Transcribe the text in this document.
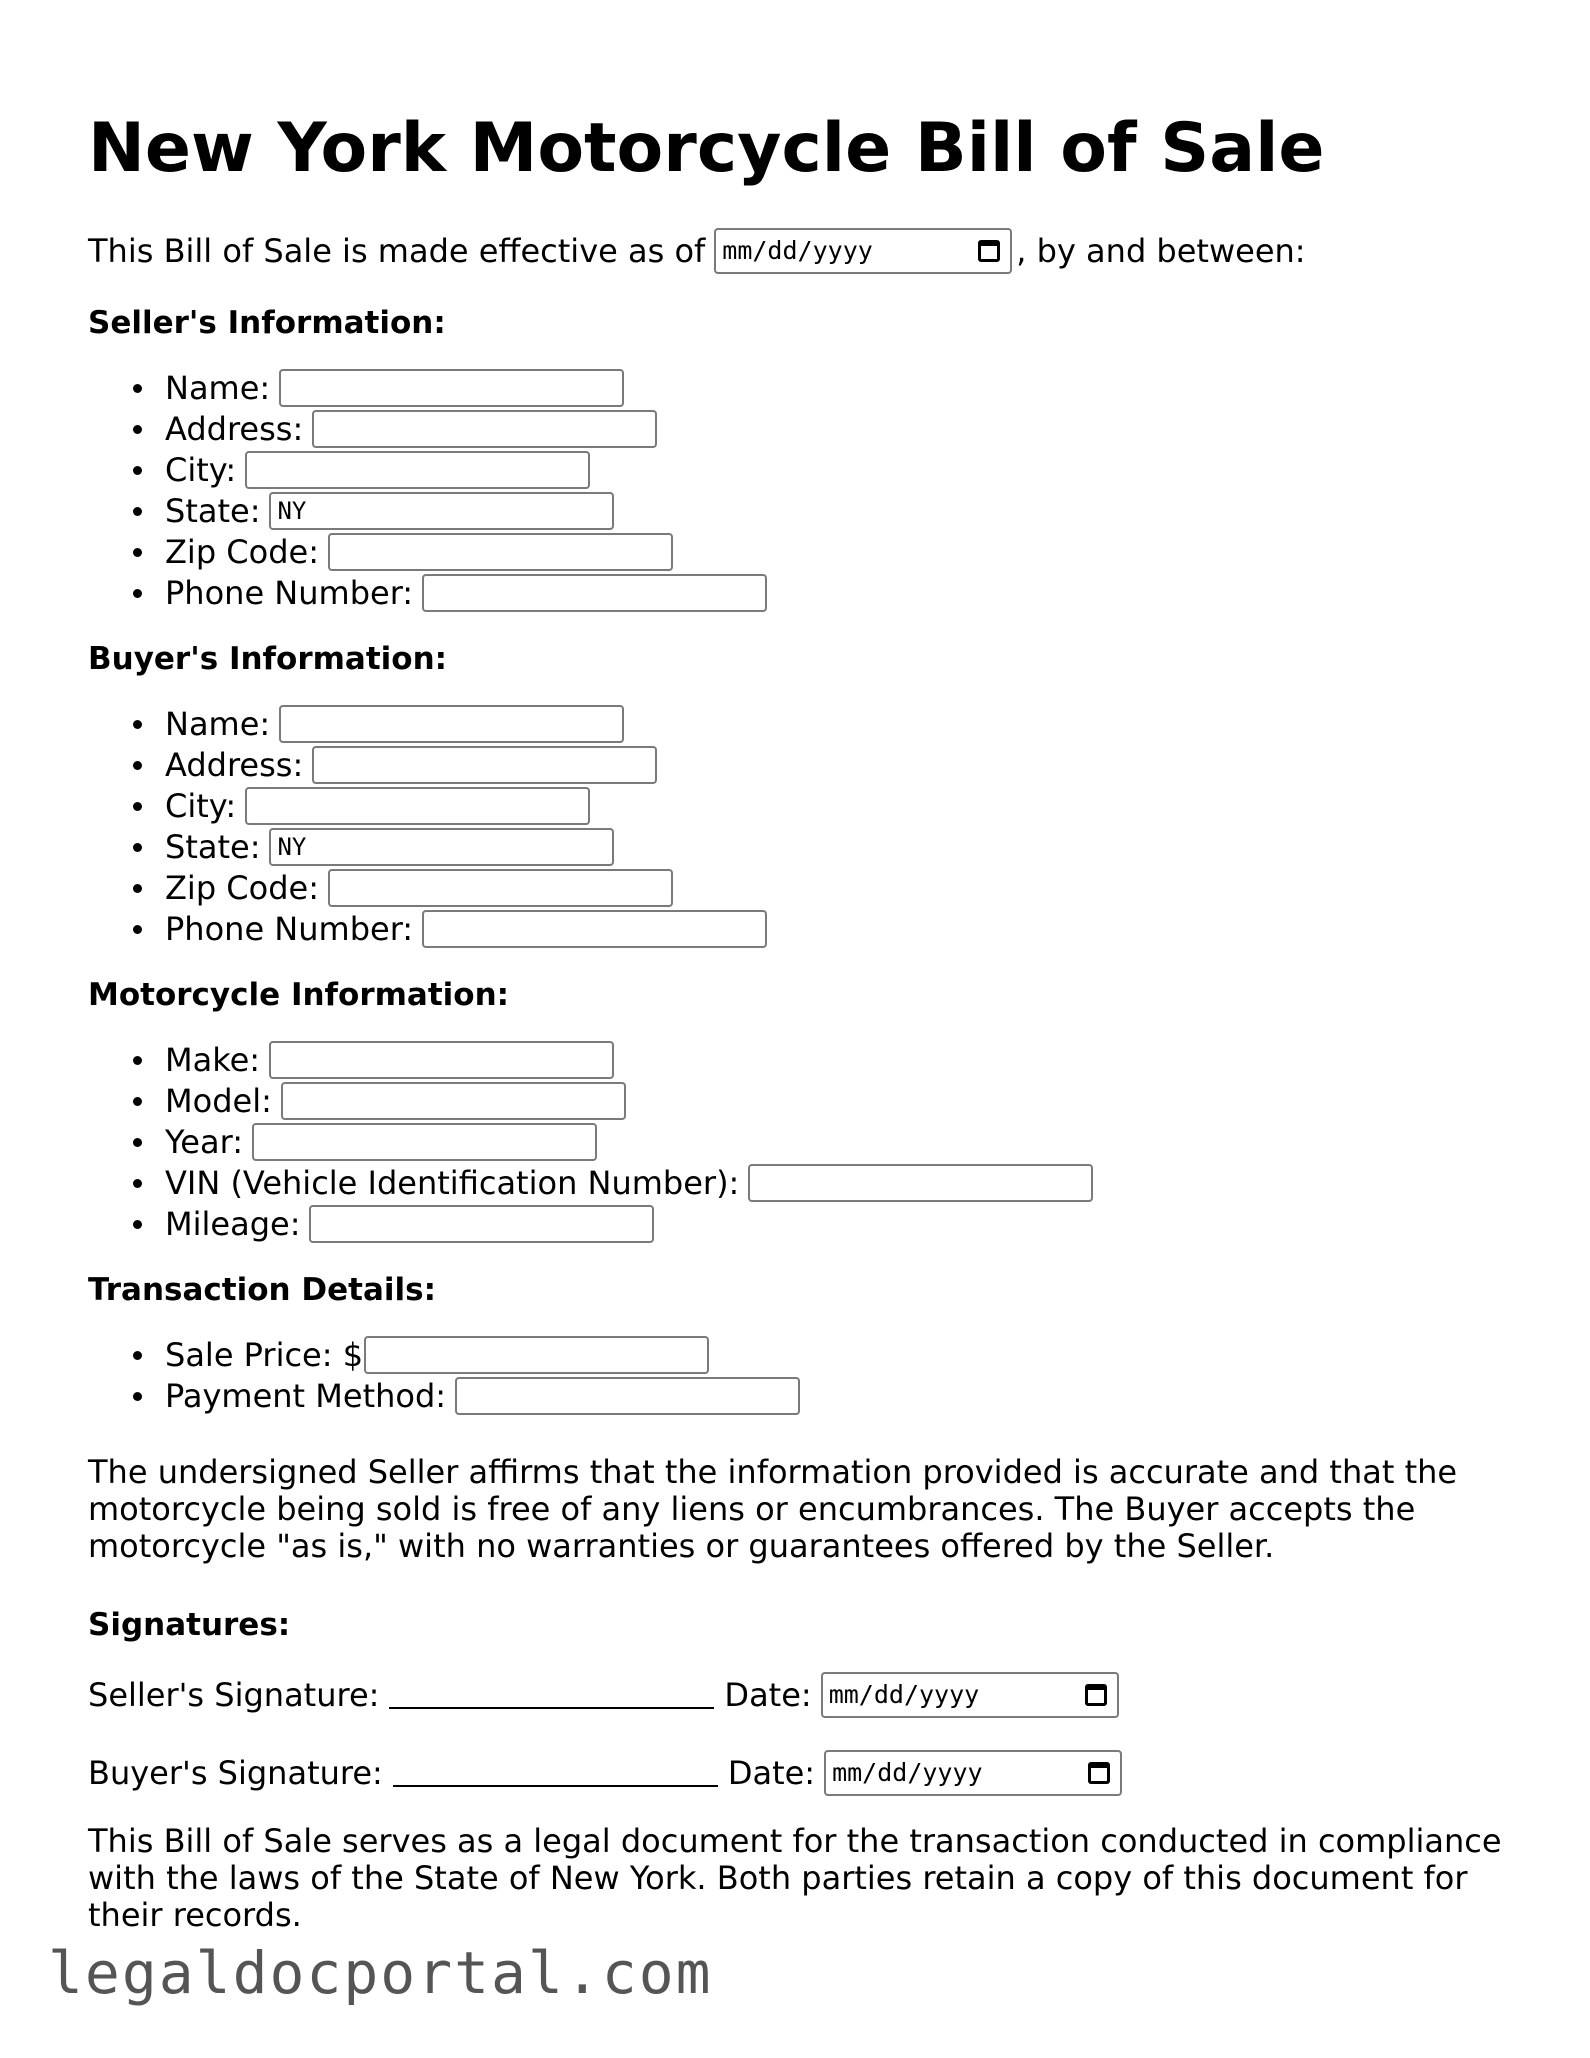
New York Motorcycle Bill of Sale

This Bill of Sale is made effective as of mm/dd/yyyy	, by and between:

Seller's Information:
Name:
Address:
City:
State:
NY
Zip Code:
Phone Number:
Buyer's Information:
Name:
Address:
City:
State:
NY
Zip Code:
Phone Number:
Motorcycle Information:
Make:
Model:
Year:
VIN (Vehicle Identification Number):
Mileage:
Transaction Details:
Sale Price: $
Payment Method:

The undersigned Seller affirms that the information provided is accurate and that the motorcycle being sold is free of any liens or encumbrances. The Buyer accepts the motorcycle "as is," with no warranties or guarantees offered by the Seller.

Signatures:
Seller's Signature:	Date: mm/dd/yyyy
Buyer's Signature:	Date: mm/dd/yyyy

This Bill of Sale serves as a legal document for the transaction conducted in compliance with the laws of the State of New York. Both parties retain a copy of this document for their records.

legaldocportal.com
